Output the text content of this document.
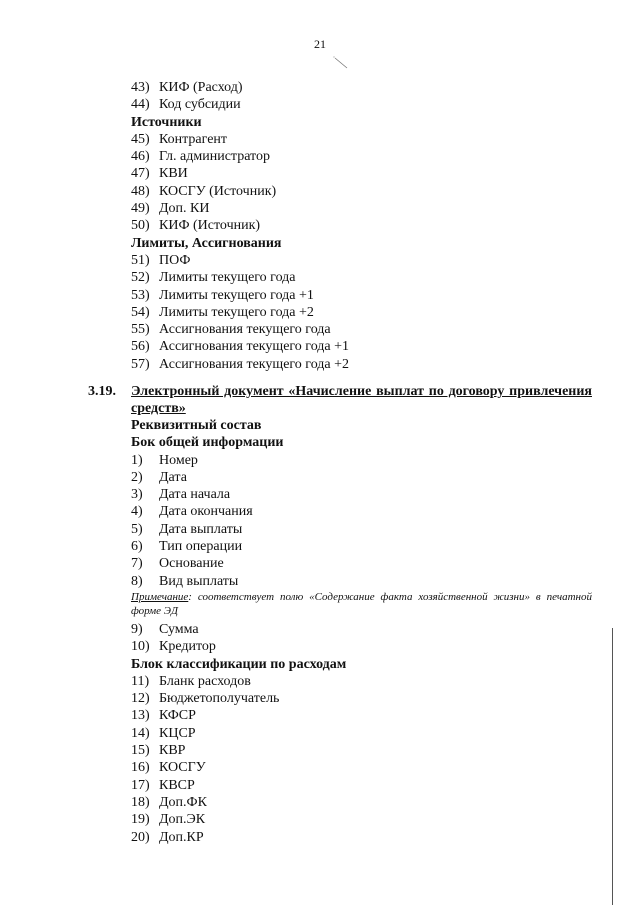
21
43) КИФ (Расход)
44) Код субсидии
Источники
45) Контрагент
46) Гл. администратор
47) КВИ
48) КОСГУ (Источник)
49) Доп. КИ
50) КИФ (Источник)
Лимиты, Ассигнования
51) ПОФ
52) Лимиты текущего года
53) Лимиты текущего года +1
54) Лимиты текущего года +2
55) Ассигнования текущего года
56) Ассигнования текущего года +1
57) Ассигнования текущего года +2
3.19. Электронный документ «Начисление выплат по договору привлечения средств»
Реквизитный состав
Бок общей информации
1) Номер
2) Дата
3) Дата начала
4) Дата окончания
5) Дата выплаты
6) Тип операции
7) Основание
8) Вид выплаты
Примечание: соответствует полю «Содержание факта хозяйственной жизни» в печатной форме ЭД
9) Сумма
10) Кредитор
Блок классификации по расходам
11) Бланк расходов
12) Бюджетополучатель
13) КФСР
14) КЦСР
15) КВР
16) КОСГУ
17) КВСР
18) Доп.ФК
19) Доп.ЭК
20) Доп.КР
